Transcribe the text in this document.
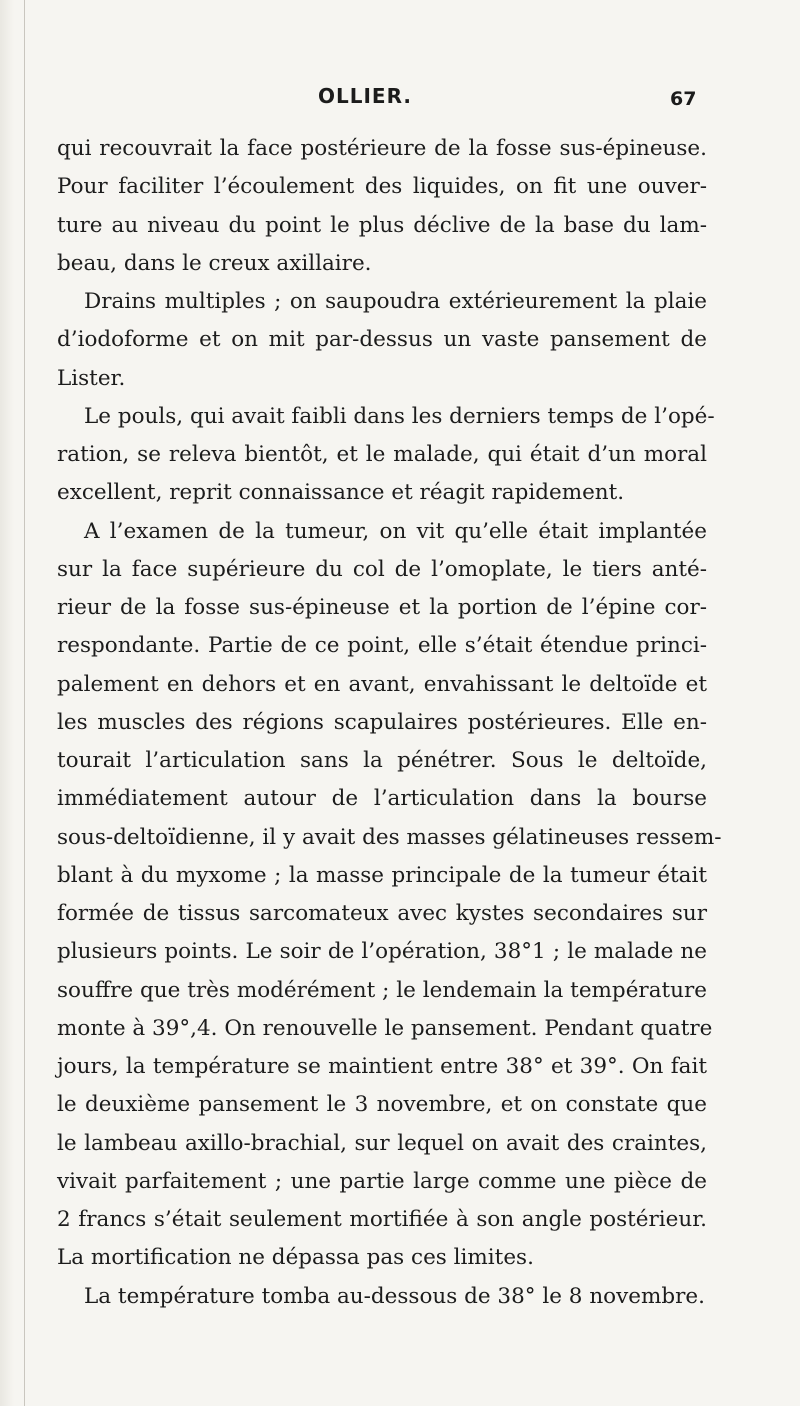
OLLIER.	67
qui recouvrait la face postérieure de la fosse sus-épineuse.
Pour faciliter l’écoulement des liquides, on fit une ouver-
ture au niveau du point le plus déclive de la base du lam-
beau, dans le creux axillaire.
Drains multiples ; on saupoudra extérieurement la plaie
d’iodoforme et on mit par-dessus un vaste pansement de
Lister.
Le pouls, qui avait faibli dans les derniers temps de l’opé-
ration, se releva bientôt, et le malade, qui était d’un moral
excellent, reprit connaissance et réagit rapidement.
A l’examen de la tumeur, on vit qu’elle était implantée
sur la face supérieure du col de l’omoplate, le tiers anté-
rieur de la fosse sus-épineuse et la portion de l’épine cor-
respondante. Partie de ce point, elle s’était étendue princi-
palement en dehors et en avant, envahissant le deltoïde et
les muscles des régions scapulaires postérieures. Elle en-
tourait l’articulation sans la pénétrer. Sous le deltoïde,
immédiatement autour de l’articulation dans la bourse
sous-deltoïdienne, il y avait des masses gélatineuses ressem-
blant à du myxome ; la masse principale de la tumeur était
formée de tissus sarcomateux avec kystes secondaires sur
plusieurs points. Le soir de l’opération, 38°1 ; le malade ne
souffre que très modérément ; le lendemain la température
monte à 39°,4. On renouvelle le pansement. Pendant quatre
jours, la température se maintient entre 38° et 39°. On fait
le deuxième pansement le 3 novembre, et on constate que
le lambeau axillo-brachial, sur lequel on avait des craintes,
vivait parfaitement ; une partie large comme une pièce de
2 francs s’était seulement mortifiée à son angle postérieur.
La mortification ne dépassa pas ces limites.
La température tomba au-dessous de 38° le 8 novembre.
